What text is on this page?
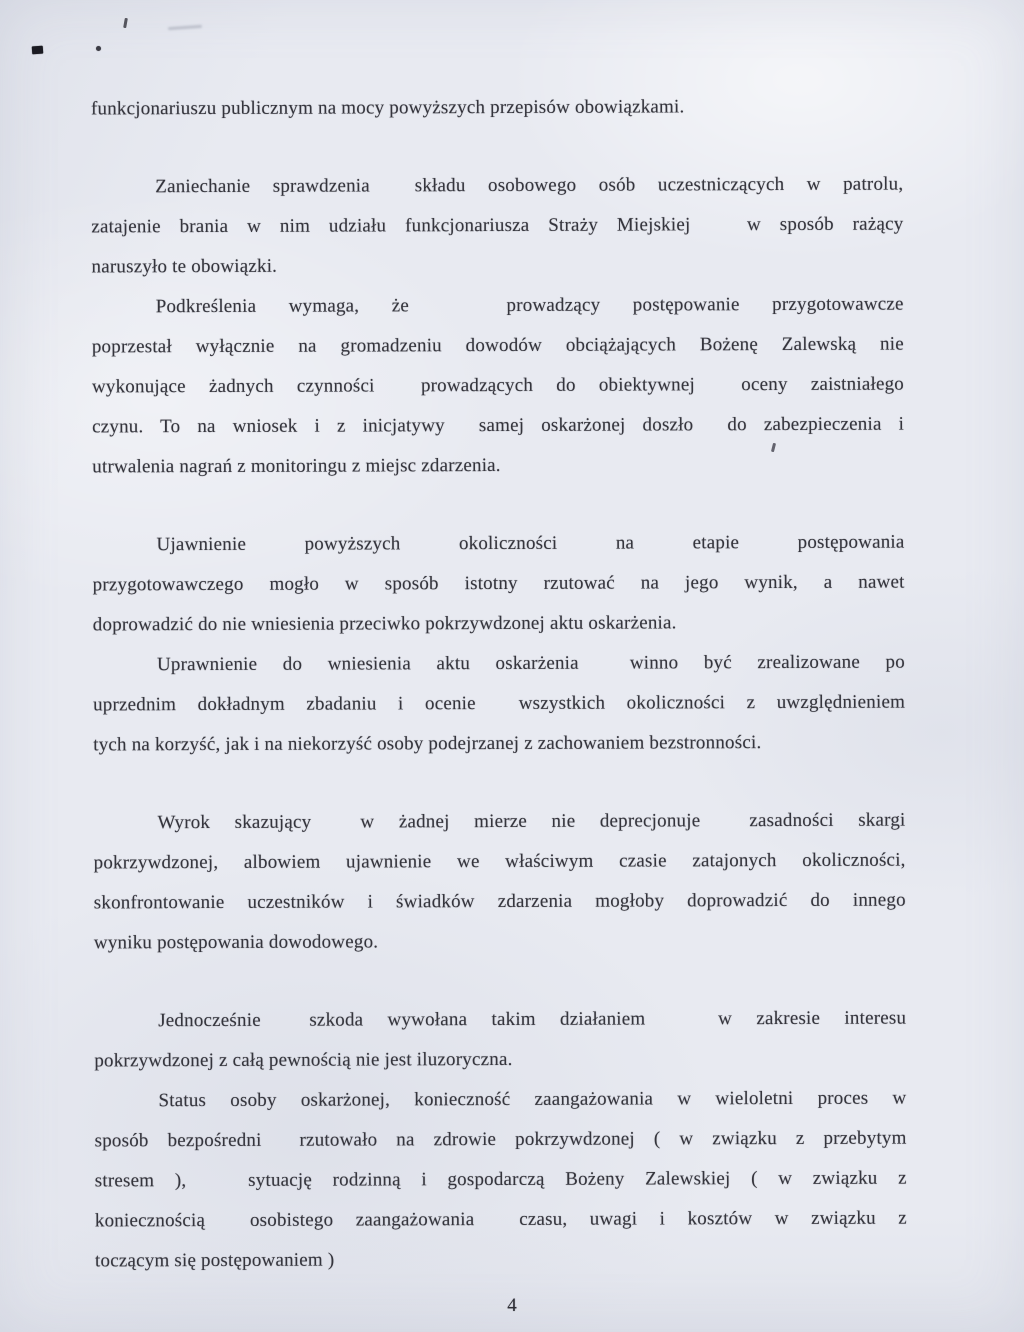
funkcjonariuszu publicznym na mocy powyższych przepisów obowiązkami.

Zaniechanie sprawdzenia  składu osobowego osób uczestniczących w patrolu,

zatajenie brania w nim udziału funkcjonariusza Straży Miejskiej   w sposób rażący

naruszyło te obowiązki.

Podkreślenia wymaga, że   prowadzący postępowanie przygotowawcze

poprzestał wyłącznie na gromadzeniu dowodów obciążających Bożenę Zalewską nie

wykonujące żadnych czynności  prowadzących do obiektywnej  oceny zaistniałego

czynu. To na wniosek i z inicjatywy  samej oskarżonej doszło  do zabezpieczenia i

utrwalenia nagrań z monitoringu z miejsc zdarzenia.

Ujawnienie   powyższych   okoliczności   na   etapie   postępowania

przygotowawczego mogło w sposób istotny rzutować na jego wynik, a nawet

doprowadzić do nie wniesienia przeciwko pokrzywdzonej aktu oskarżenia.

Uprawnienie do wniesienia aktu oskarżenia  winno być zrealizowane po

uprzednim dokładnym zbadaniu i ocenie  wszystkich okoliczności z uwzględnieniem

tych na korzyść, jak i na niekorzyść osoby podejrzanej z zachowaniem bezstronności.

Wyrok skazujący  w żadnej mierze nie deprecjonuje  zasadności skargi

pokrzywdzonej, albowiem ujawnienie we właściwym czasie zatajonych okoliczności,

skonfrontowanie uczestników i świadków zdarzenia mogłoby doprowadzić do innego

wyniku postępowania dowodowego.

Jednocześnie  szkoda wywołana takim działaniem   w zakresie interesu

pokrzywdzonej z całą pewnością nie jest iluzoryczna.

Status osoby oskarżonej, konieczność zaangażowania w wieloletni proces w

sposób bezpośredni  rzutowało na zdrowie pokrzywdzonej ( w związku z przebytym

stresem ),   sytuację rodzinną i gospodarczą Bożeny Zalewskiej ( w związku z

koniecznością  osobistego zaangażowania  czasu, uwagi i kosztów w związku z

toczącym się postępowaniem )

4
